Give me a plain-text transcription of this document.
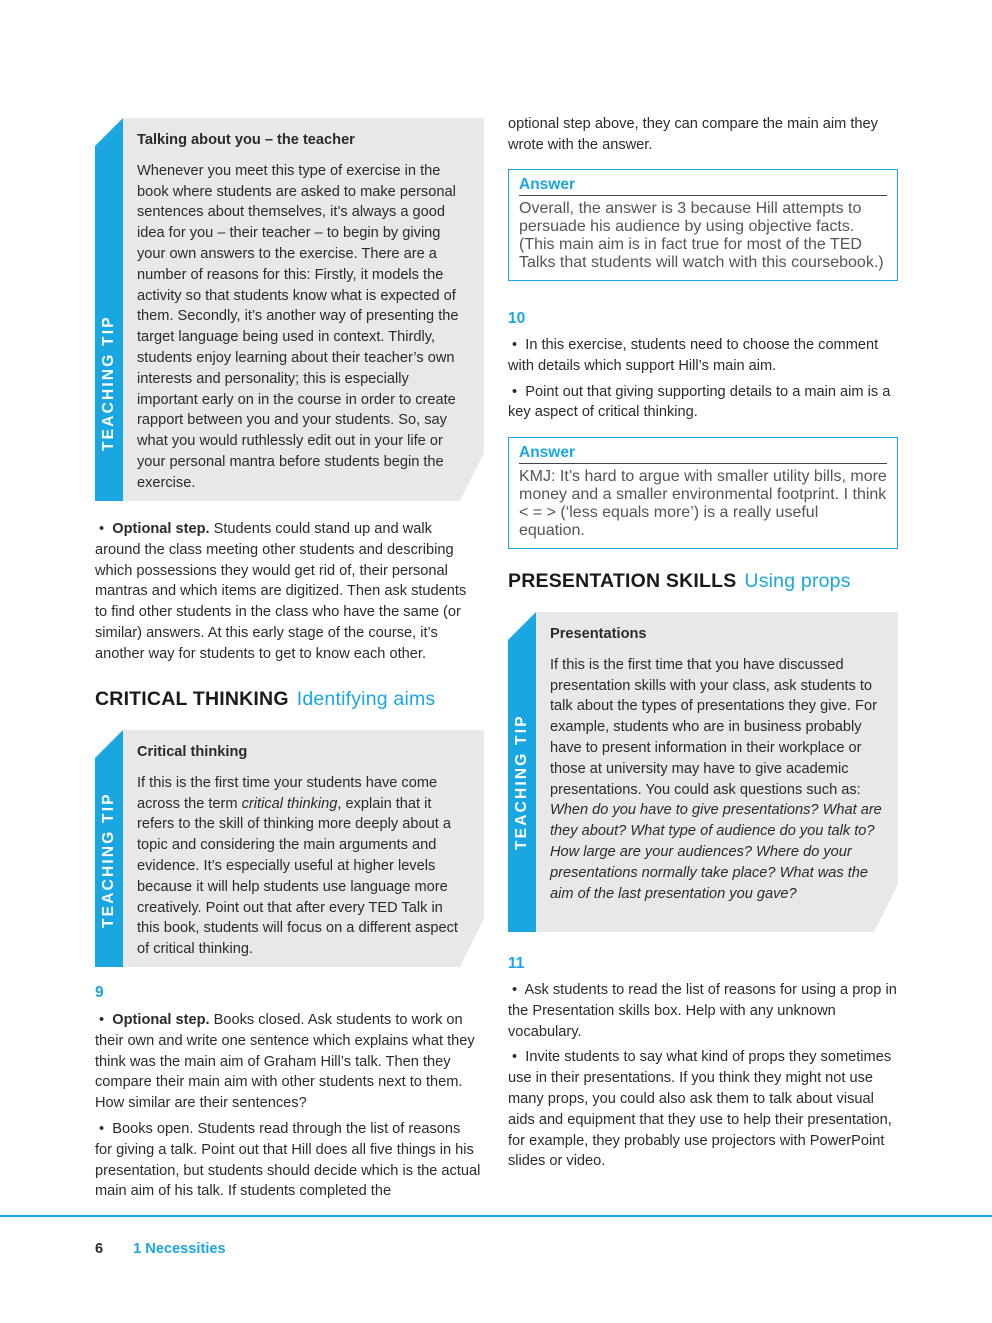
TEACHING TIP
Talking about you – the teacher

Whenever you meet this type of exercise in the book where students are asked to make personal sentences about themselves, it’s always a good idea for you – their teacher – to begin by giving your own answers to the exercise. There are a number of reasons for this: Firstly, it models the activity so that students know what is expected of them. Secondly, it’s another way of presenting the target language being used in context. Thirdly, students enjoy learning about their teacher’s own interests and personality; this is especially important early on in the course in order to create rapport between you and your students. So, say what you would ruthlessly edit out in your life or your personal mantra before students begin the exercise.

•  Optional step. Students could stand up and walk around the class meeting other students and describing which possessions they would get rid of, their personal mantras and which items are digitized. Then ask students to find other students in the class who have the same (or similar) answers. At this early stage of the course, it’s another way for students to get to know each other.

CRITICAL THINKING Identifying aims
TEACHING TIP
Critical thinking

If this is the first time your students have come across the term critical thinking, explain that it refers to the skill of thinking more deeply about a topic and considering the main arguments and evidence. It’s especially useful at higher levels because it will help students use language more creatively. Point out that after every TED Talk in this book, students will focus on a different aspect of critical thinking.

9

•  Optional step. Books closed. Ask students to work on their own and write one sentence which explains what they think was the main aim of Graham Hill’s talk. Then they compare their main aim with other students next to them. How similar are their sentences?

•  Books open. Students read through the list of reasons for giving a talk. Point out that Hill does all five things in his presentation, but students should decide which is the actual main aim of his talk. If students completed the

optional step above, they can compare the main aim they wrote with the answer.
Answer

Overall, the answer is 3 because Hill attempts to persuade his audience by using objective facts. (This main aim is in fact true for most of the TED Talks that students will watch with this coursebook.)

10

•  In this exercise, students need to choose the comment with details which support Hill’s main aim.

•  Point out that giving supporting details to a main aim is a key aspect of critical thinking.

Answer

KMJ: It’s hard to argue with smaller utility bills, more money and a smaller environmental footprint. I think < = > (‘less equals more’) is a really useful equation.

PRESENTATION SKILLS Using props
TEACHING TIP
Presentations

If this is the first time that you have discussed presentation skills with your class, ask students to talk about the types of presentations they give. For example, students who are in business probably have to present information in their workplace or those at university may have to give academic presentations. You could ask questions such as: When do you have to give presentations? What are they about? What type of audience do you talk to? How large are your audiences? Where do your presentations normally take place? What was the aim of the last presentation you gave?

11

•  Ask students to read the list of reasons for using a prop in the Presentation skills box. Help with any unknown vocabulary.

•  Invite students to say what kind of props they sometimes use in their presentations. If you think they might not use many props, you could also ask them to talk about visual aids and equipment that they use to help their presentation, for example, they probably use projectors with PowerPoint slides or video.

6 1 Necessities
